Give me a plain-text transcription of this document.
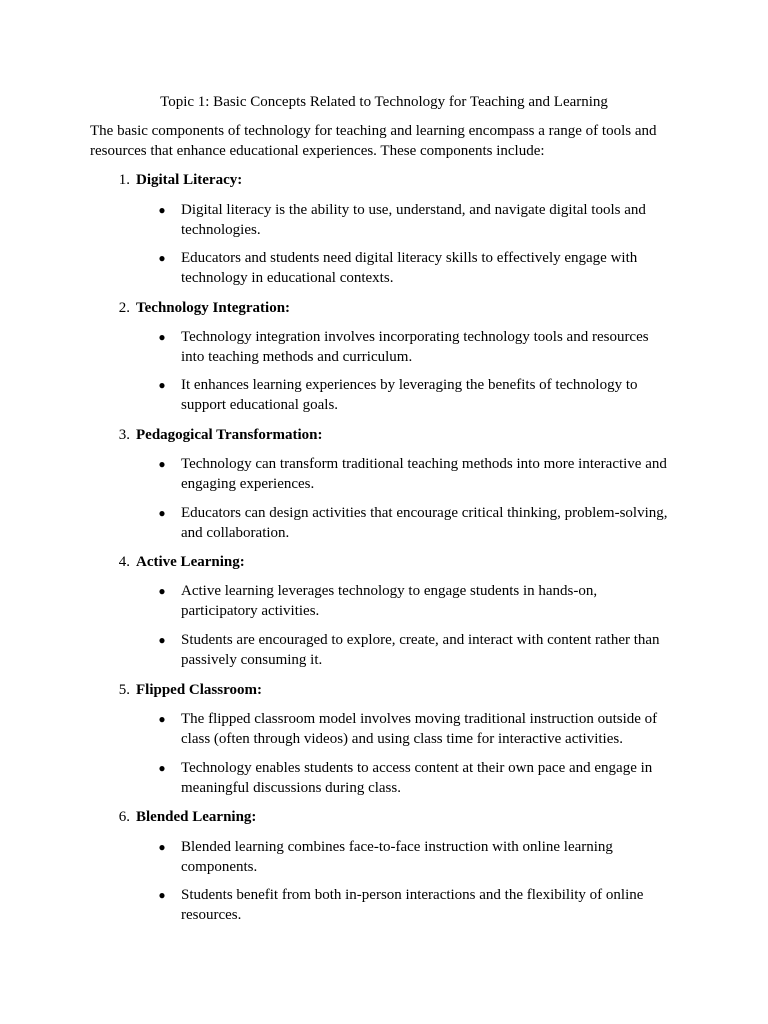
Topic 1: Basic Concepts Related to Technology for Teaching and Learning

The basic components of technology for teaching and learning encompass a range of tools and resources that enhance educational experiences. These components include:

1. Digital Literacy:
● Digital literacy is the ability to use, understand, and navigate digital tools and technologies.
● Educators and students need digital literacy skills to effectively engage with technology in educational contexts.
2. Technology Integration:
● Technology integration involves incorporating technology tools and resources into teaching methods and curriculum.
● It enhances learning experiences by leveraging the benefits of technology to support educational goals.
3. Pedagogical Transformation:
● Technology can transform traditional teaching methods into more interactive and engaging experiences.
● Educators can design activities that encourage critical thinking, problem-solving, and collaboration.
4. Active Learning:
● Active learning leverages technology to engage students in hands-on, participatory activities.
● Students are encouraged to explore, create, and interact with content rather than passively consuming it.
5. Flipped Classroom:
● The flipped classroom model involves moving traditional instruction outside of class (often through videos) and using class time for interactive activities.
● Technology enables students to access content at their own pace and engage in meaningful discussions during class.
6. Blended Learning:
● Blended learning combines face-to-face instruction with online learning components.
● Students benefit from both in-person interactions and the flexibility of online resources.
